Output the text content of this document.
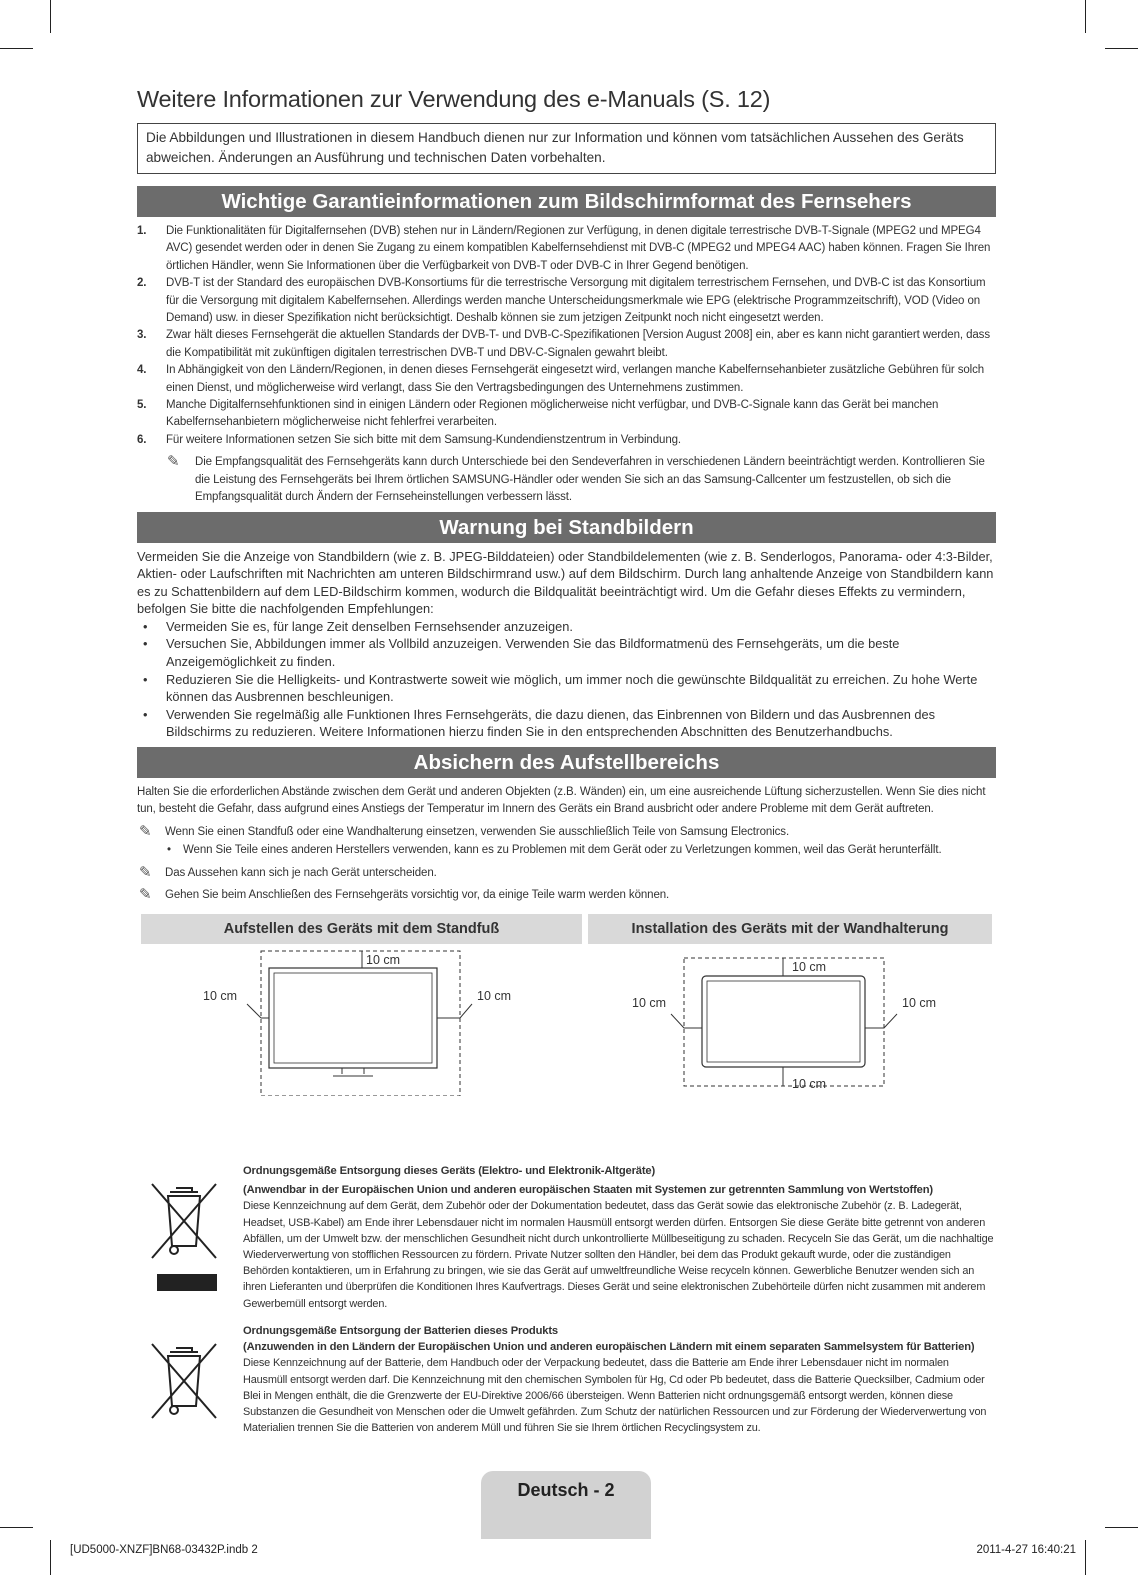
Weitere Informationen zur Verwendung des e-Manuals (S. 12)
Die Abbildungen und Illustrationen in diesem Handbuch dienen nur zur Information und können vom tatsächlichen Aussehen des Geräts abweichen. Änderungen an Ausführung und technischen Daten vorbehalten.
Wichtige Garantieinformationen zum Bildschirmformat des Fernsehers
1. Die Funktionalitäten für Digitalfernsehen (DVB) stehen nur in Ländern/Regionen zur Verfügung, in denen digitale terrestrische DVB-T-Signale (MPEG2 und MPEG4 AVC) gesendet werden oder in denen Sie Zugang zu einem kompatiblen Kabelfernsehdienst mit DVB-C (MPEG2 und MPEG4 AAC) haben können. Fragen Sie Ihren örtlichen Händler, wenn Sie Informationen über die Verfügbarkeit von DVB-T oder DVB-C in Ihrer Gegend benötigen.
2. DVB-T ist der Standard des europäischen DVB-Konsortiums für die terrestrische Versorgung mit digitalem terrestrischem Fernsehen, und DVB-C ist das Konsortium für die Versorgung mit digitalem Kabelfernsehen. Allerdings werden manche Unterscheidungsmerkmale wie EPG (elektrische Programmzeitschrift), VOD (Video on Demand) usw. in dieser Spezifikation nicht berücksichtigt. Deshalb können sie zum jetzigen Zeitpunkt noch nicht eingesetzt werden.
3. Zwar hält dieses Fernsehgerät die aktuellen Standards der DVB-T- und DVB-C-Spezifikationen [Version August 2008] ein, aber es kann nicht garantiert werden, dass die Kompatibilität mit zukünftigen digitalen terrestrischen DVB-T und DBV-C-Signalen gewahrt bleibt.
4. In Abhängigkeit von den Ländern/Regionen, in denen dieses Fernsehgerät eingesetzt wird, verlangen manche Kabelfernsehanbieter zusätzliche Gebühren für solch einen Dienst, und möglicherweise wird verlangt, dass Sie den Vertragsbedingungen des Unternehmens zustimmen.
5. Manche Digitalfernsehfunktionen sind in einigen Ländern oder Regionen möglicherweise nicht verfügbar, und DVB-C-Signale kann das Gerät bei manchen Kabelfernsehanbietern möglicherweise nicht fehlerfrei verarbeiten.
6. Für weitere Informationen setzen Sie sich bitte mit dem Samsung-Kundendienstzentrum in Verbindung.
✎ Die Empfangsqualität des Fernsehgeräts kann durch Unterschiede bei den Sendeverfahren in verschiedenen Ländern beeinträchtigt werden. Kontrollieren Sie die Leistung des Fernsehgeräts bei Ihrem örtlichen SAMSUNG-Händler oder wenden Sie sich an das Samsung-Callcenter um festzustellen, ob sich die Empfangsqualität durch Ändern der Fernseheinstellungen verbessern lässt.
Warnung bei Standbildern
Vermeiden Sie die Anzeige von Standbildern (wie z. B. JPEG-Bilddateien) oder Standbildelementen (wie z. B. Senderlogos, Panorama- oder 4:3-Bilder, Aktien- oder Laufschriften mit Nachrichten am unteren Bildschirmrand usw.) auf dem Bildschirm. Durch lang anhaltende Anzeige von Standbildern kann es zu Schattenbildern auf dem LED-Bildschirm kommen, wodurch die Bildqualität beeinträchtigt wird. Um die Gefahr dieses Effekts zu vermindern, befolgen Sie bitte die nachfolgenden Empfehlungen:
• Vermeiden Sie es, für lange Zeit denselben Fernsehsender anzuzeigen.
• Versuchen Sie, Abbildungen immer als Vollbild anzuzeigen. Verwenden Sie das Bildformatmenü des Fernsehgeräts, um die beste Anzeigemöglichkeit zu finden.
• Reduzieren Sie die Helligkeits- und Kontrastwerte soweit wie möglich, um immer noch die gewünschte Bildqualität zu erreichen. Zu hohe Werte können das Ausbrennen beschleunigen.
• Verwenden Sie regelmäßig alle Funktionen Ihres Fernsehgeräts, die dazu dienen, das Einbrennen von Bildern und das Ausbrennen des Bildschirms zu reduzieren. Weitere Informationen hierzu finden Sie in den entsprechenden Abschnitten des Benutzerhandbuchs.
Absichern des Aufstellbereichs
Halten Sie die erforderlichen Abstände zwischen dem Gerät und anderen Objekten (z.B. Wänden) ein, um eine ausreichende Lüftung sicherzustellen. Wenn Sie dies nicht tun, besteht die Gefahr, dass aufgrund eines Anstiegs der Temperatur im Innern des Geräts ein Brand ausbricht oder andere Probleme mit dem Gerät auftreten.
✎ Wenn Sie einen Standfuß oder eine Wandhalterung einsetzen, verwenden Sie ausschließlich Teile von Samsung Electronics.
• Wenn Sie Teile eines anderen Herstellers verwenden, kann es zu Problemen mit dem Gerät oder zu Verletzungen kommen, weil das Gerät herunterfällt.
✎ Das Aussehen kann sich je nach Gerät unterscheiden.
✎ Gehen Sie beim Anschließen des Fernsehgeräts vorsichtig vor, da einige Teile warm werden können.
Aufstellen des Geräts mit dem Standfuß	Installation des Geräts mit der Wandhalterung
10 cm
10 cm	10 cm
10 cm
10 cm
10 cm	10 cm
Ordnungsgemäße Entsorgung dieses Geräts (Elektro- und Elektronik-Altgeräte)
(Anwendbar in der Europäischen Union und anderen europäischen Staaten mit Systemen zur getrennten Sammlung von Wertstoffen)
Diese Kennzeichnung auf dem Gerät, dem Zubehör oder der Dokumentation bedeutet, dass das Gerät sowie das elektronische Zubehör (z. B. Ladegerät, Headset, USB-Kabel) am Ende ihrer Lebensdauer nicht im normalen Hausmüll entsorgt werden dürfen. Entsorgen Sie diese Geräte bitte getrennt von anderen Abfällen, um der Umwelt bzw. der menschlichen Gesundheit nicht durch unkontrollierte Müllbeseitigung zu schaden. Recyceln Sie das Gerät, um die nachhaltige Wiederverwertung von stofflichen Ressourcen zu fördern. Private Nutzer sollten den Händler, bei dem das Produkt gekauft wurde, oder die zuständigen Behörden kontaktieren, um in Erfahrung zu bringen, wie sie das Gerät auf umweltfreundliche Weise recyceln können. Gewerbliche Benutzer wenden sich an ihren Lieferanten und überprüfen die Konditionen Ihres Kaufvertrags. Dieses Gerät und seine elektronischen Zubehörteile dürfen nicht zusammen mit anderem Gewerbemüll entsorgt werden.
Ordnungsgemäße Entsorgung der Batterien dieses Produkts
(Anzuwenden in den Ländern der Europäischen Union und anderen europäischen Ländern mit einem separaten Sammelsystem für Batterien)
Diese Kennzeichnung auf der Batterie, dem Handbuch oder der Verpackung bedeutet, dass die Batterie am Ende ihrer Lebensdauer nicht im normalen Hausmüll entsorgt werden darf. Die Kennzeichnung mit den chemischen Symbolen für Hg, Cd oder Pb bedeutet, dass die Batterie Quecksilber, Cadmium oder Blei in Mengen enthält, die die Grenzwerte der EU-Direktive 2006/66 übersteigen. Wenn Batterien nicht ordnungsgemäß entsorgt werden, können diese Substanzen die Gesundheit von Menschen oder die Umwelt gefährden. Zum Schutz der natürlichen Ressourcen und zur Förderung der Wiederverwertung von Materialien trennen Sie die Batterien von anderem Müll und führen Sie sie Ihrem örtlichen Recyclingsystem zu.
Deutsch - 2
[UD5000-XNZF]BN68-03432P.indb 2	2011-4-27 16:40:21
